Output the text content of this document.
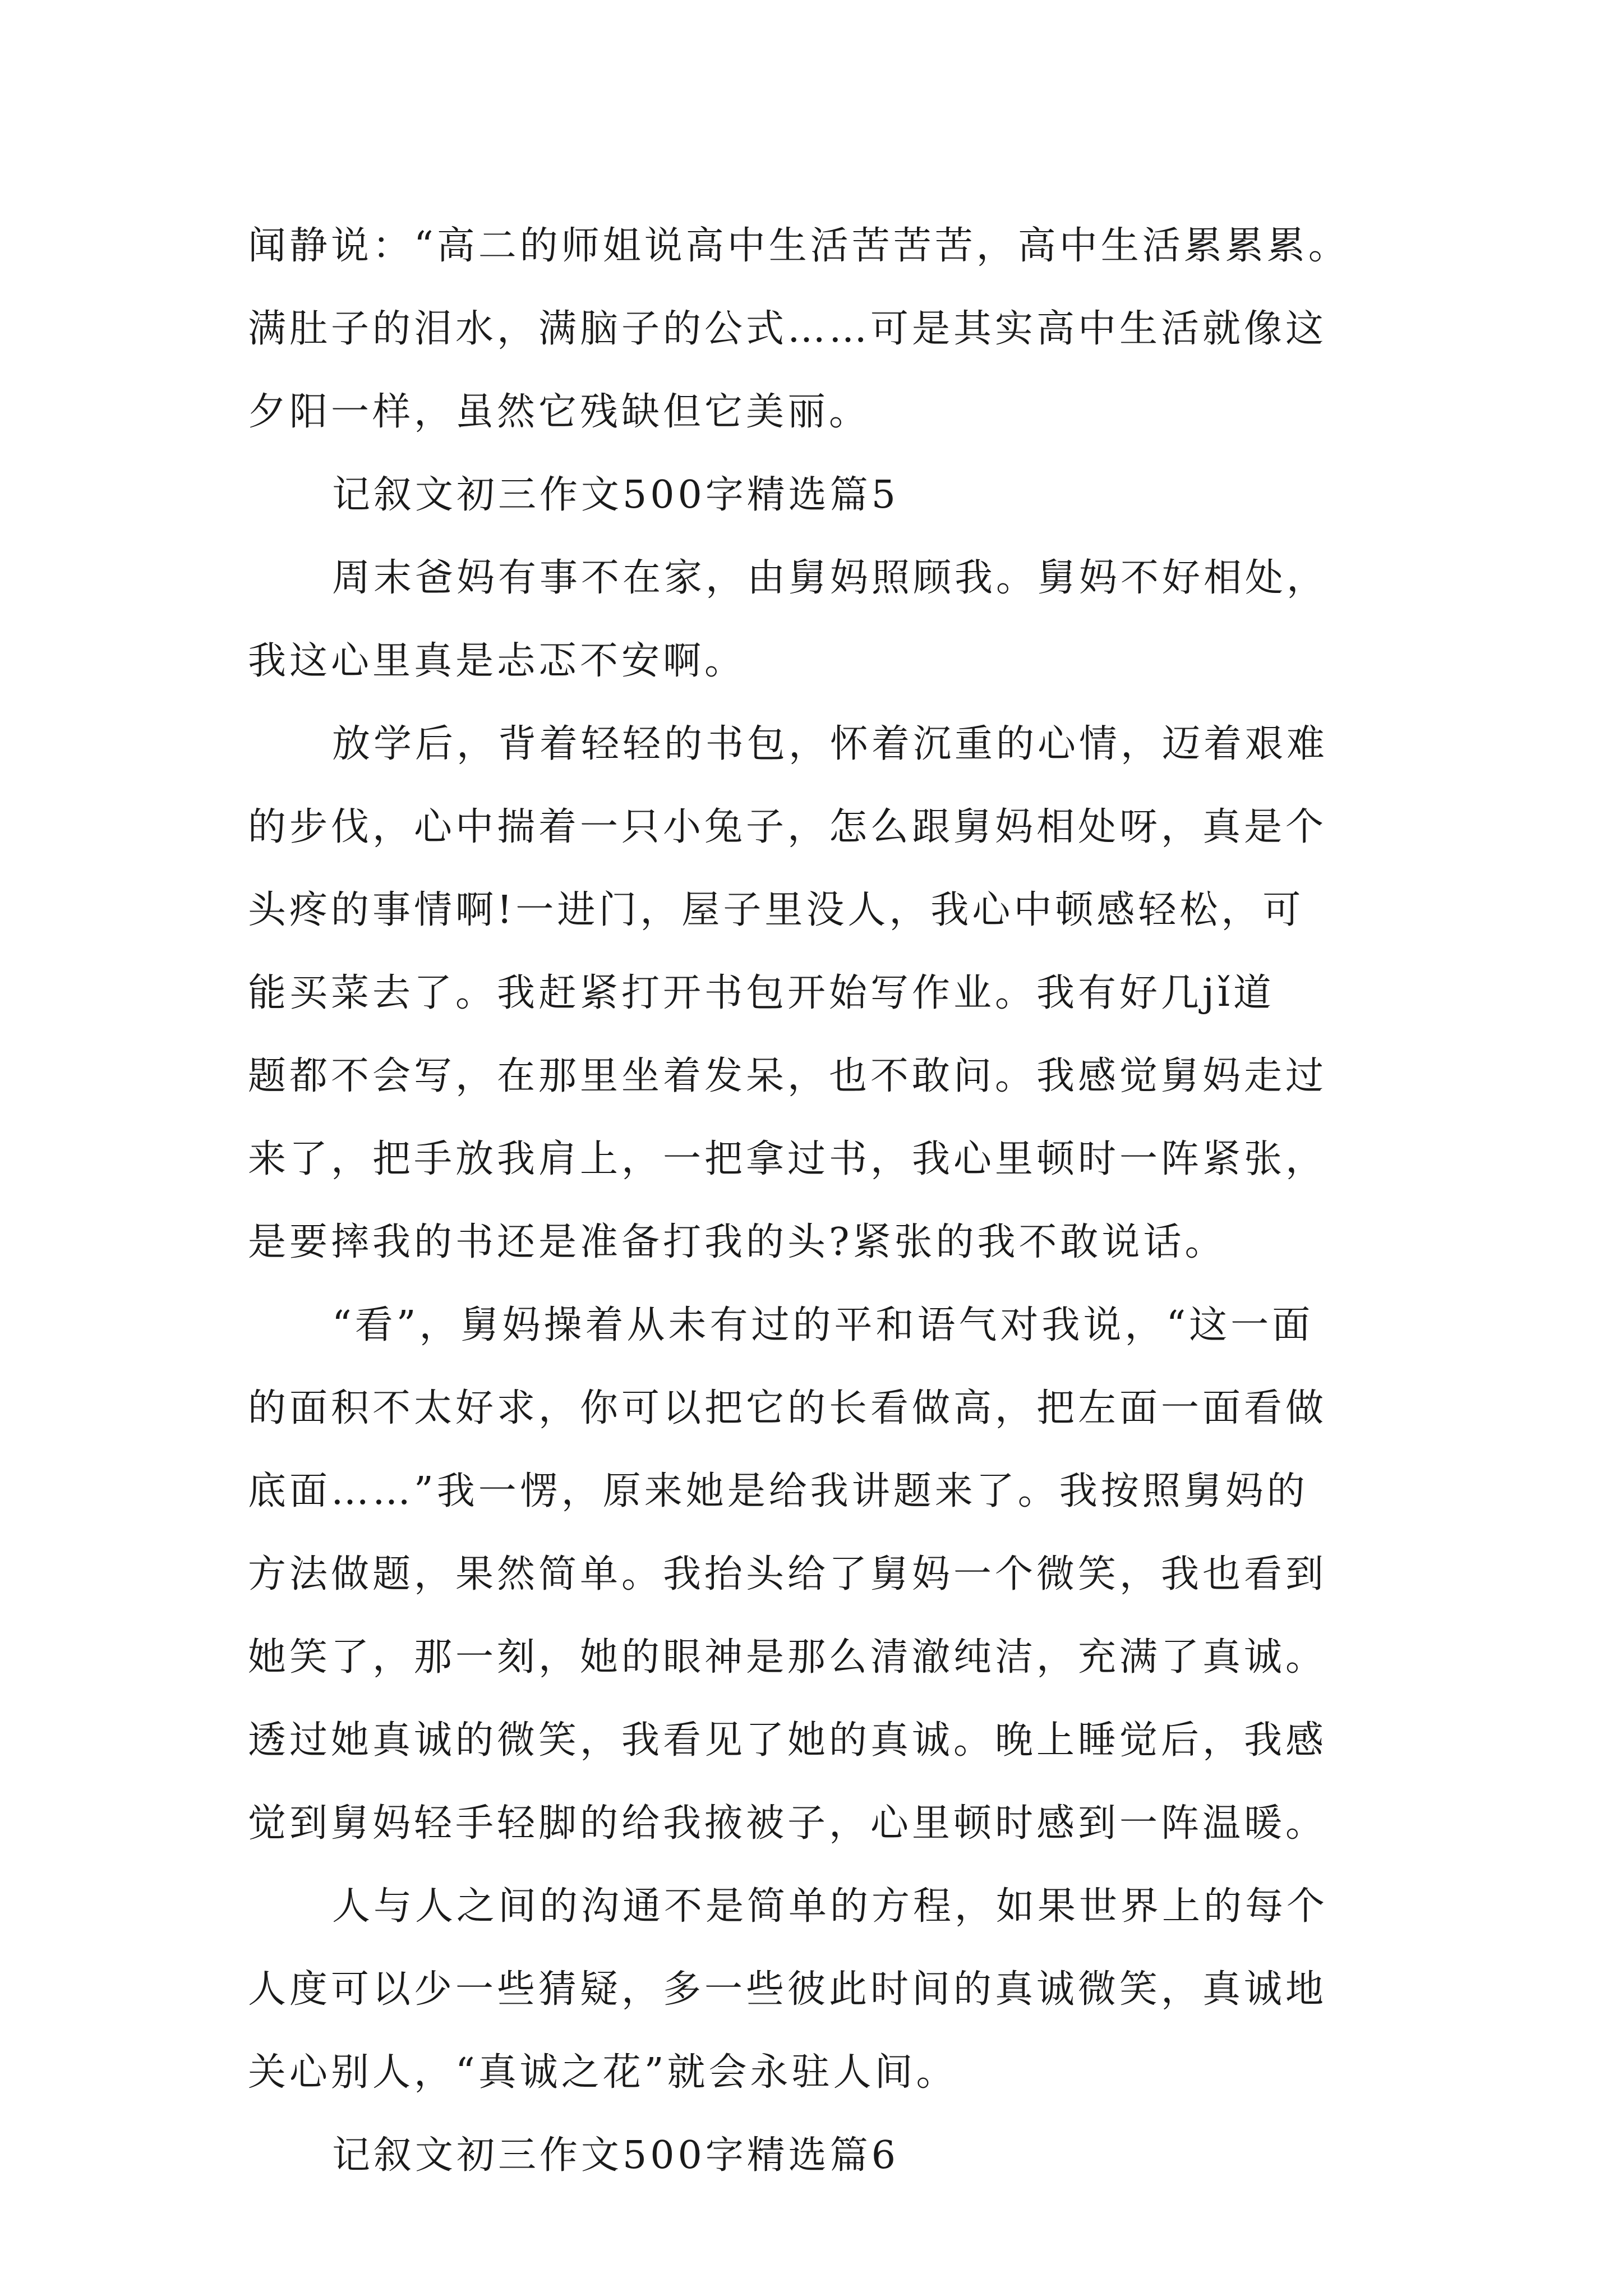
闻静说：“高二的师姐说高中生活苦苦苦，高中生活累累累。
满肚子的泪水，满脑子的公式……可是其实高中生活就像这
夕阳一样，虽然它残缺但它美丽。
记叙文初三作文500字精选篇5
周末爸妈有事不在家，由舅妈照顾我。舅妈不好相处，
我这心里真是忐忑不安啊。
放学后，背着轻轻的书包，怀着沉重的心情，迈着艰难
的步伐，心中揣着一只小兔子，怎么跟舅妈相处呀，真是个
头疼的事情啊!一进门，屋子里没人，我心中顿感轻松，可
能买菜去了。我赶紧打开书包开始写作业。我有好几jǐ道
题都不会写，在那里坐着发呆，也不敢问。我感觉舅妈走过
来了，把手放我肩上，一把拿过书，我心里顿时一阵紧张，
是要摔我的书还是准备打我的头?紧张的我不敢说话。
“看”，舅妈操着从未有过的平和语气对我说，“这一面
的面积不太好求，你可以把它的长看做高，把左面一面看做
底面……”我一愣，原来她是给我讲题来了。我按照舅妈的
方法做题，果然简单。我抬头给了舅妈一个微笑，我也看到
她笑了，那一刻，她的眼神是那么清澈纯洁，充满了真诚。
透过她真诚的微笑，我看见了她的真诚。晚上睡觉后，我感
觉到舅妈轻手轻脚的给我掖被子，心里顿时感到一阵温暖。
人与人之间的沟通不是简单的方程，如果世界上的每个
人度可以少一些猜疑，多一些彼此时间的真诚微笑，真诚地
关心别人，“真诚之花”就会永驻人间。
记叙文初三作文500字精选篇6
